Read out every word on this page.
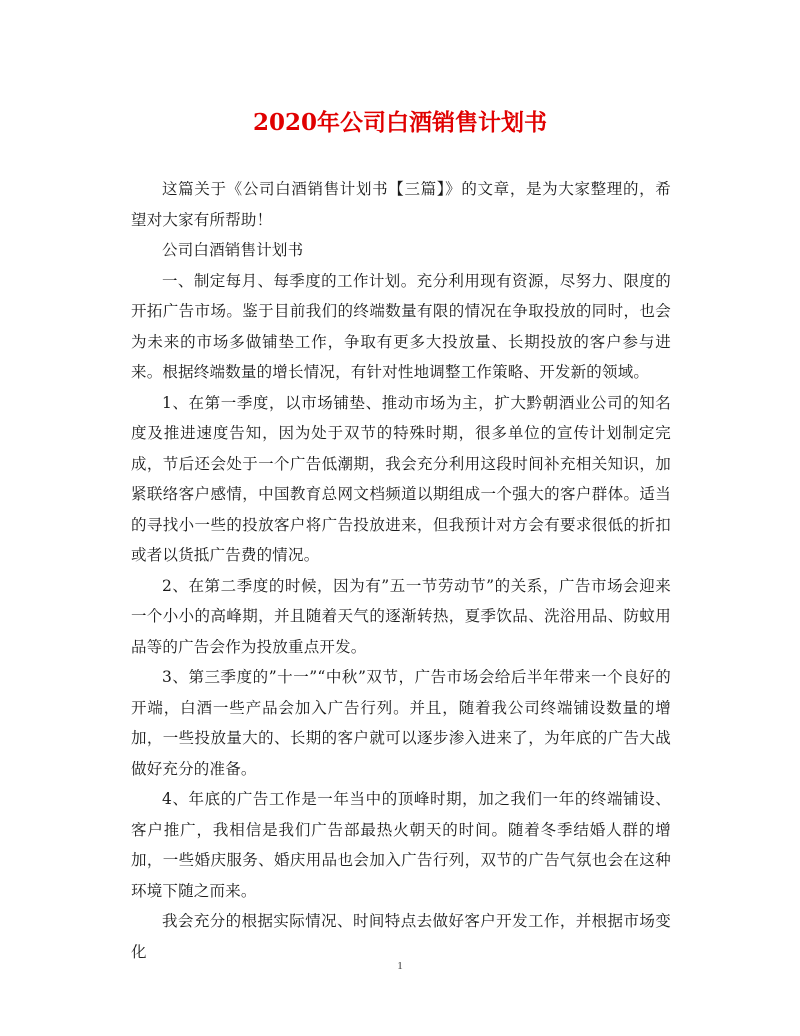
2020年公司白酒销售计划书

这篇关于《公司白酒销售计划书【三篇】》的文章，是为大家整理的，希望对大家有所帮助！

公司白酒销售计划书

一、制定每月、每季度的工作计划。充分利用现有资源，尽努力、限度的开拓广告市场。鉴于目前我们的终端数量有限的情况在争取投放的同时，也会为未来的市场多做铺垫工作，争取有更多大投放量、长期投放的客户参与进来。根据终端数量的增长情况，有针对性地调整工作策略、开发新的领域。

1、在第一季度，以市场铺垫、推动市场为主，扩大黔朝酒业公司的知名度及推进速度告知，因为处于双节的特殊时期，很多单位的宣传计划制定完成，节后还会处于一个广告低潮期，我会充分利用这段时间补充相关知识，加紧联络客户感情，中国教育总网文档频道以期组成一个强大的客户群体。适当的寻找小一些的投放客户将广告投放进来，但我预计对方会有要求很低的折扣或者以货抵广告费的情况。

2、在第二季度的时候，因为有”五一节劳动节”的关系，广告市场会迎来一个小小的高峰期，并且随着天气的逐渐转热，夏季饮品、洗浴用品、防蚊用品等的广告会作为投放重点开发。

3、第三季度的”十一”“中秋”双节，广告市场会给后半年带来一个良好的开端，白酒一些产品会加入广告行列。并且，随着我公司终端铺设数量的增加，一些投放量大的、长期的客户就可以逐步渗入进来了，为年底的广告大战做好充分的准备。

4、年底的广告工作是一年当中的顶峰时期，加之我们一年的终端铺设、客户推广，我相信是我们广告部最热火朝天的时间。随着冬季结婚人群的增加，一些婚庆服务、婚庆用品也会加入广告行列，双节的广告气氛也会在这种环境下随之而来。

我会充分的根据实际情况、时间特点去做好客户开发工作，并根据市场变化

1
